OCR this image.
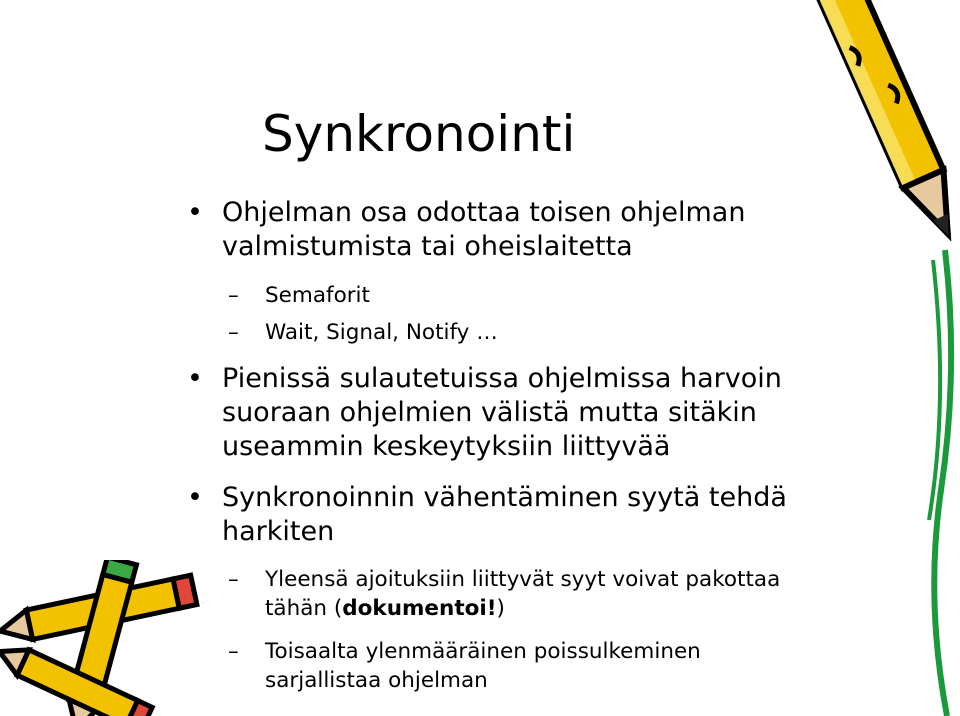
Synkronointi
• Ohjelman osa odottaa toisen ohjelman
valmistumista tai oheislaitetta
– Semaforit
– Wait, Signal, Notify …
• Pienissä sulautetuissa ohjelmissa harvoin
suoraan ohjelmien välistä mutta sitäkin
useammin keskeytyksiin liittyvää
• Synkronoinnin vähentäminen syytä tehdä
harkiten
– Yleensä ajoituksiin liittyvät syyt voivat pakottaa
tähän (dokumentoi!)
– Toisaalta ylenmääräinen poissulkeminen
sarjallistaa ohjelman
